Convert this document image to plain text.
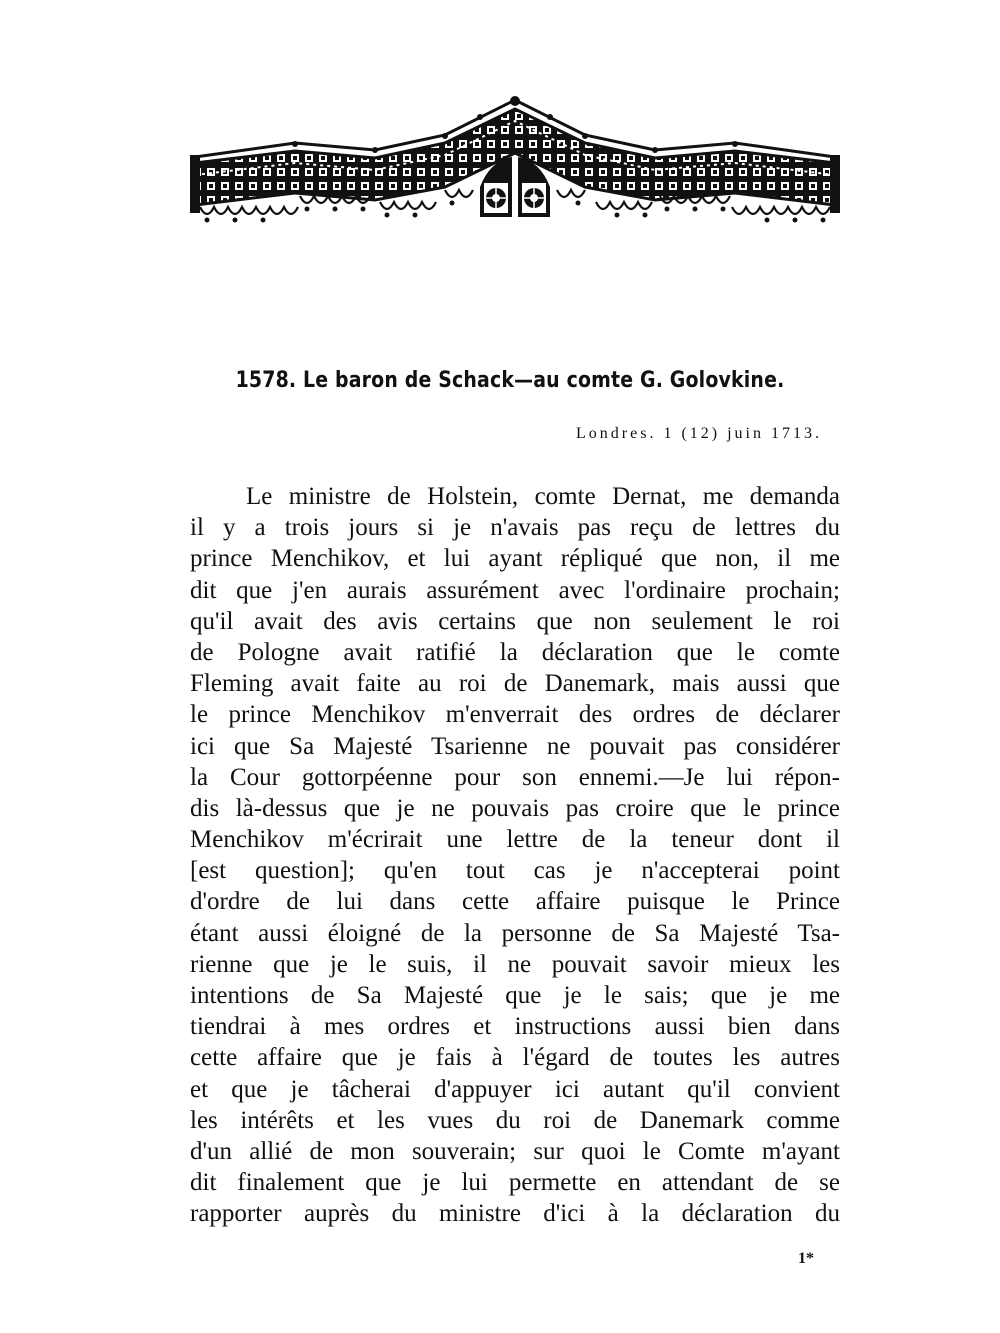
1578. Le baron de Schack—au comte G. Golovkine.
Londres. 1 (12) juin 1713.
Le ministre de Holstein, comte Dernat, me demanda
il y a trois jours si je n'avais pas reçu de lettres du
prince Menchikov, et lui ayant répliqué que non, il me
dit que j'en aurais assurément avec l'ordinaire prochain;
qu'il avait des avis certains que non seulement le roi
de Pologne avait ratifié la déclaration que le comte
Fleming avait faite au roi de Danemark, mais aussi que
le prince Menchikov m'enverrait des ordres de déclarer
ici que Sa Majesté Tsarienne ne pouvait pas considérer
la Cour gottorpéenne pour son ennemi.—Je lui répon-
dis là-dessus que je ne pouvais pas croire que le prince
Menchikov m'écrirait une lettre de la teneur dont il
[est question]; qu'en tout cas je n'accepterai point
d'ordre de lui dans cette affaire puisque le Prince
étant aussi éloigné de la personne de Sa Majesté Tsa-
rienne que je le suis, il ne pouvait savoir mieux les
intentions de Sa Majesté que je le sais; que je me
tiendrai à mes ordres et instructions aussi bien dans
cette affaire que je fais à l'égard de toutes les autres
et que je tâcherai d'appuyer ici autant qu'il convient
les intérêts et les vues du roi de Danemark comme
d'un allié de mon souverain; sur quoi le Comte m'ayant
dit finalement que je lui permette en attendant de se
rapporter auprès du ministre d'ici à la déclaration du
1*
